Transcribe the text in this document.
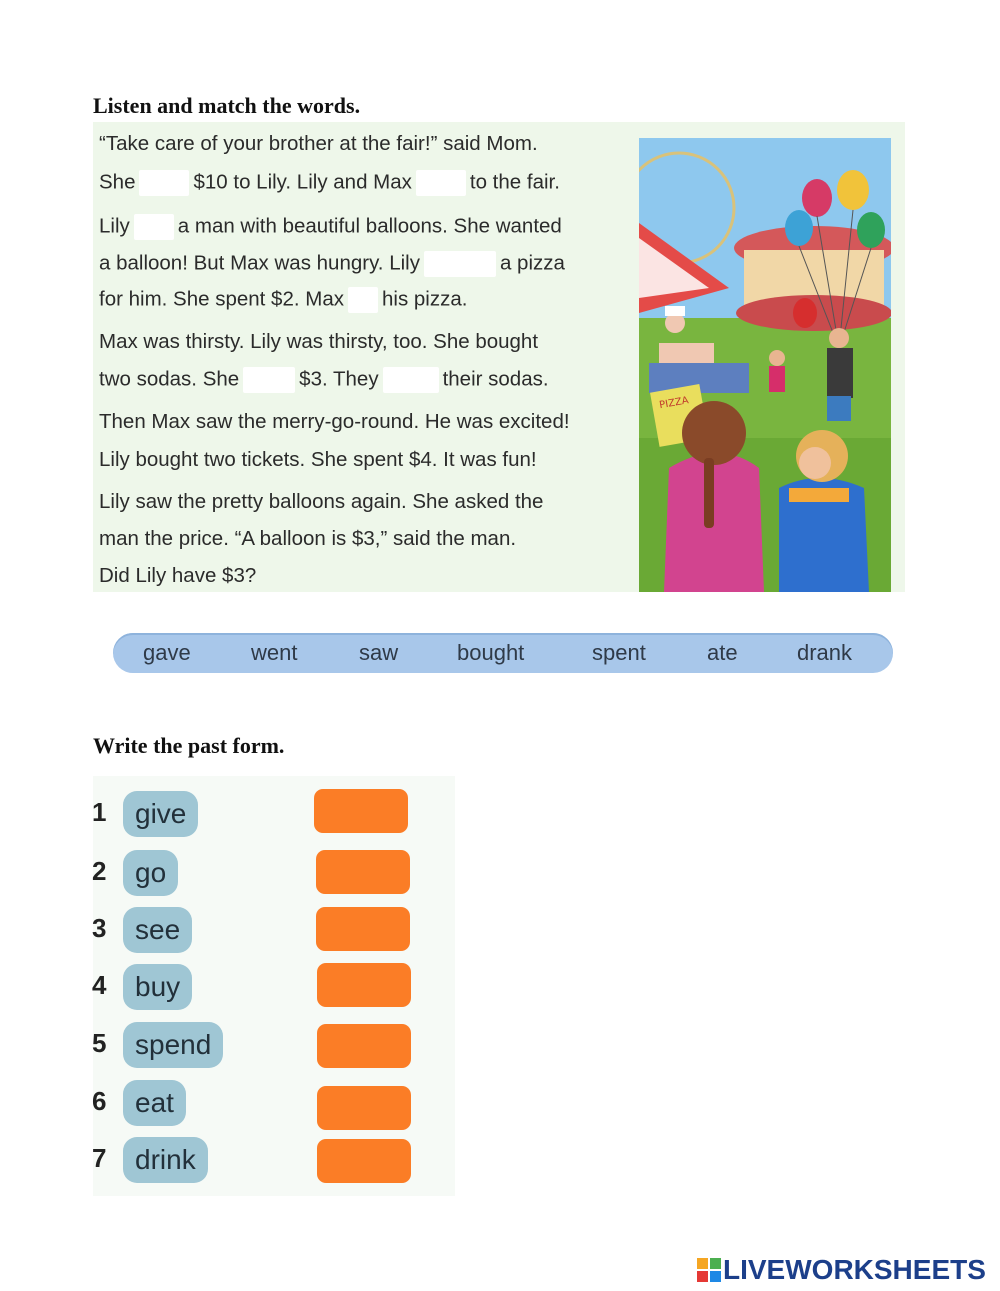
Listen and match the words.
“Take care of your brother at the fair!” said Mom.
She	$10 to Lily. Lily and Max	to the fair.
Lily a man with beautiful balloons. She wanted
a balloon! But Max was hungry. Lily	a pizza
for him. She spent $2. Max his pizza.
Max was thirsty. Lily was thirsty, too. She bought
two sodas. She	$3. They	their sodas.
Then Max saw the merry-go-round. He was excited!
Lily bought two tickets. She spent $4. It was fun!
Lily saw the pretty balloons again. She asked the
man the price. “A balloon is $3,” said the man.
Did Lily have $3?
PIZZA
gave	went	saw	bought	spent	ate	drank
Write the past form.
1	give
2	go
3	see
4	buy
5	spend
6	eat
7	drink
LIVEWORKSHEETS
